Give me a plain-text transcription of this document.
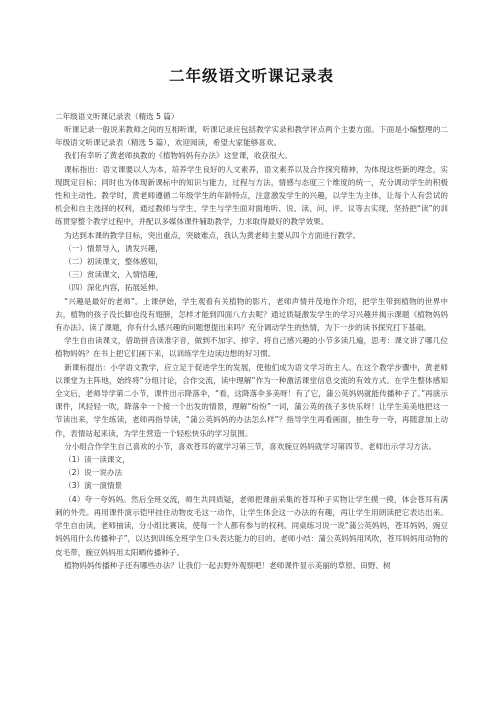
二年级语文听课记录表
二年级语文听课记录表（精选 5 篇）

听课记录一般说来教师之间的互相听课，听课记录应包括教学实录和教学评点两个主要方面。下面是小编整理的二年级语文听课记录表（精选 5 篇），欢迎阅读，希望大家能够喜欢。

我们有幸听了黄老师执教的《植物妈妈有办法》这堂课，收获很大。

课标指出：语文课要以人为本，培养学生良好的人文素养，语文素养以及合作探究精神，为体现这些新的理念，实现既定目标；同时也为体现新课标中的知识与能力，过程与方法，情感与态度三个维度的统一，充分调动学生的积极性和主动性。教学时，黄老师遵循二年级学生的年龄特点，注意激发学生的兴趣，以学生为主体，让每个人有尝试的机会和自主选择的权利，通过教师与学生、学生与学生面对面地听、说、读、问、评、议等去实现，坚持把“读”的训练贯穿整个教学过程中，并配以多媒体课件辅助教学，力求取得最好的教学效果。

为达到本课的教学目标，突出重点，突破难点，我认为黄老师主要从四个方面进行教学。

（一）情景导入，诱发兴趣，

（二）初读课文，整体感知，

（三）赏读课文，入情悟趣，

（四）深化内容，拓展延伸。

“兴趣是最好的老师”。上课伊始，学生观看有关植物的影片，老师声情并茂地作介绍，把学生带到植物的世界中去，植物的孩子没长脚也没有翅膀，怎样才能到四面八方去呢？通过质疑激发学生的学习兴趣并揭示课题《植物妈妈有办法》。读了课题，你有什么感兴趣的问题想提出来吗？充分调动学生的热情，为下一步的读书探究打下基础。

学生自由读课文，借助拼音读准字音，做到不加字、掉字、将自己感兴趣的小节多读几遍，思考：课文讲了哪几位植物妈妈？在书上把它们画下来，以训练学生边读边想的好习惯。

新课标提出：小学语文教学，应立足于促进学生的发展，使他们成为语文学习的主人。在这个教学步骤中，黄老师以课堂为主阵地，始终将“分组讨论，合作交流，读中理解”作为一种激活课堂信息交流的有效方式。在学生整体感知全文后，老师导学第二小节，课件出示降落伞，“看，这降落伞多美呀！有了它，蒲公英妈妈就能传播种子了。”再演示课件，风轻轻一吹，降落伞一个接一个出发的情景，理解“纷纷”一词，蒲公英的孩子多快乐呀！让学生美美地把这一节读出来，学生练读，老师再指导读，“蒲公英妈妈的办法怎么样”？指导学生再看画面，抽生夸一夸，再随意加上动作，表情站起来读，为学生营造一个轻松快乐的学习氛围。

分小组合作学生自己喜欢的小节，喜欢苍耳的就学习第三节，喜欢豌豆妈妈就学习第四节。老师出示学习方法。

（1）读一读课文，

（2）说一说办法

（3）演一演情景

（4）夸一夸妈妈。然后全班交流，师生共同质疑，老师把课前采集的苍耳种子实物让学生摸一摸，体会苍耳有满刺的外壳。再用课件演示铠甲挂住动物皮毛这一动作，让学生体会这一办法的有趣，再让学生用朗读把它表达出来。学生自由读，老师抽读，分小组比赛读，使每一个人都有参与的权利。同桌练习说一说“蒲公英妈妈，苍耳妈妈，豌豆妈妈用什么传播种子”，以达到训练全班学生口头表达能力的目的。老师小结：蒲公英妈妈用风吹，苍耳妈妈用动物的皮毛带，豌豆妈妈用太阳晒传播种子。

植物妈妈传播种子还有哪些办法？让我们一起去野外观察吧！老师课件显示美丽的草原、田野、树
